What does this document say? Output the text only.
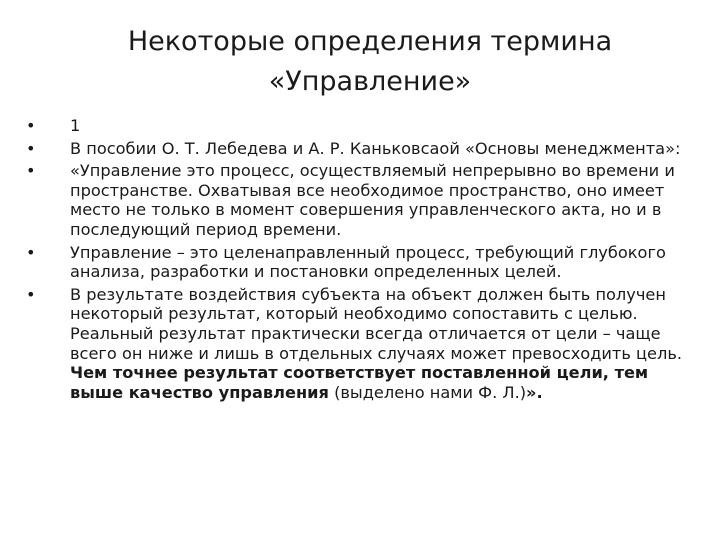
Некоторые определения термина
«Управление»
•	1
•	В пособии О. Т. Лебедева и А. Р. Каньковсаой «Основы менеджмента»:
•	«Управление это процесс, осуществляемый непрерывно во времени и пространстве. Охватывая все необходимое пространство, оно имеет место не только в момент совершения управленческого акта, но и в последующий период времени.
•	Управление – это целенаправленный процесс, требующий глубокого анализа, разработки и постановки определенных целей.
•	В результате воздействия субъекта на объект должен быть получен некоторый результат, который необходимо сопоставить с целью. Реальный результат практически всегда отличается от цели – чаще всего он ниже и лишь в отдельных случаях может превосходить цель. Чем точнее результат соответствует поставленной цели, тем выше качество управления (выделено нами Ф. Л.)».
